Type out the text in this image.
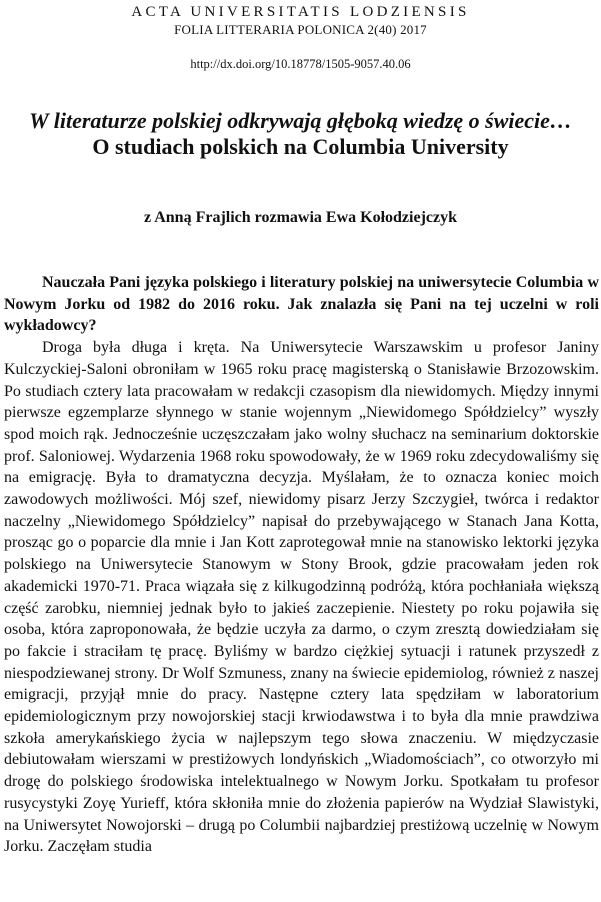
ACTA UNIVERSITATIS LODZIENSIS
FOLIA LITTERARIA POLONICA 2(40) 2017
http://dx.doi.org/10.18778/1505-9057.40.06
W literaturze polskiej odkrywają głęboką wiedzę o świecie…
O studiach polskich na Columbia University
z Anną Frajlich rozmawia Ewa Kołodziejczyk
Nauczała Pani języka polskiego i literatury polskiej na uniwersytecie Columbia w Nowym Jorku od 1982 do 2016 roku. Jak znalazła się Pani na tej uczelni w roli wykładowcy?
Droga była długa i kręta. Na Uniwersytecie Warszawskim u profesor Janiny Kulczyckiej-Saloni obroniłam w 1965 roku pracę magisterską o Stanisławie Brzozowskim. Po studiach cztery lata pracowałam w redakcji czasopism dla niewidomych. Między innymi pierwsze egzemplarze słynnego w stanie wojennym „Niewidomego Spółdzielcy” wyszły spod moich rąk. Jednocześnie uczęszczałam jako wolny słuchacz na seminarium doktorskie prof. Saloniowej. Wydarzenia 1968 roku spowodowały, że w 1969 roku zdecydowaliśmy się na emigrację. Była to dramatyczna decyzja. Myślałam, że to oznacza koniec moich zawodowych możliwości. Mój szef, niewidomy pisarz Jerzy Szczygieł, twórca i redaktor naczelny „Niewidomego Spółdzielcy” napisał do przebywającego w Stanach Jana Kotta, prosząc go o poparcie dla mnie i Jan Kott zaprotegował mnie na stanowisko lektorki języka polskiego na Uniwersytecie Stanowym w Stony Brook, gdzie pracowałam jeden rok akademicki 1970-71. Praca wiązała się z kilkugodzinną podróżą, która pochłaniała większą część zarobku, niemniej jednak było to jakieś zaczepienie. Niestety po roku pojawiła się osoba, która zaproponowała, że będzie uczyła za darmo, o czym zresztą dowiedziałam się po fakcie i straciłam tę pracę. Byliśmy w bardzo ciężkiej sytuacji i ratunek przyszedł z niespodziewanej strony. Dr Wolf Szmuness, znany na świecie epidemiolog, również z naszej emigracji, przyjął mnie do pracy. Następne cztery lata spędziłam w laboratorium epidemiologicznym przy nowojorskiej stacji krwiodawstwa i to była dla mnie prawdziwa szkoła amerykańskiego życia w najlepszym tego słowa znaczeniu. W międzyczasie debiutowałam wierszami w prestiżowych londyńskich „Wiadomościach”, co otworzyło mi drogę do polskiego środowiska intelektualnego w Nowym Jorku. Spotkałam tu profesor rusycystyki Zoyę Yurieff, która skłoniła mnie do złożenia papierów na Wydział Slawistyki, na Uniwersytet Nowojorski – drugą po Columbii najbardziej prestiżową uczelnię w Nowym Jorku. Zaczęłam studia
